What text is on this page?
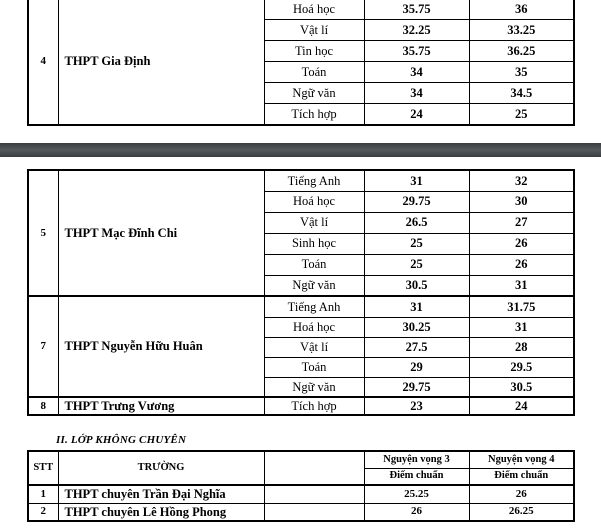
4	THPT Gia Định	Hoá học	35.75	36
		Vật lí	32.25	33.25
		Tin học	35.75	36.25
		Toán	34	35
		Ngữ văn	34	34.5
		Tích hợp	24	25
5	THPT Mạc Đĩnh Chi	Tiếng Anh	31	32
		Hoá học	29.75	30
		Vật lí	26.5	27
		Sinh học	25	26
		Toán	25	26
		Ngữ văn	30.5	31
7	THPT Nguyễn Hữu Huân	Tiếng Anh	31	31.75
		Hoá học	30.25	31
		Vật lí	27.5	28
		Toán	29	29.5
		Ngữ văn	29.75	30.5
8	THPT Trưng Vương	Tích hợp	23	24
II. LỚP KHÔNG CHUYÊN
STT	TRƯỜNG		Nguyện vọng 3	Nguyện vọng 4
			Điểm chuẩn	Điểm chuẩn
1	THPT chuyên Trần Đại Nghĩa		25.25	26
2	THPT chuyên Lê Hồng Phong		26	26.25
